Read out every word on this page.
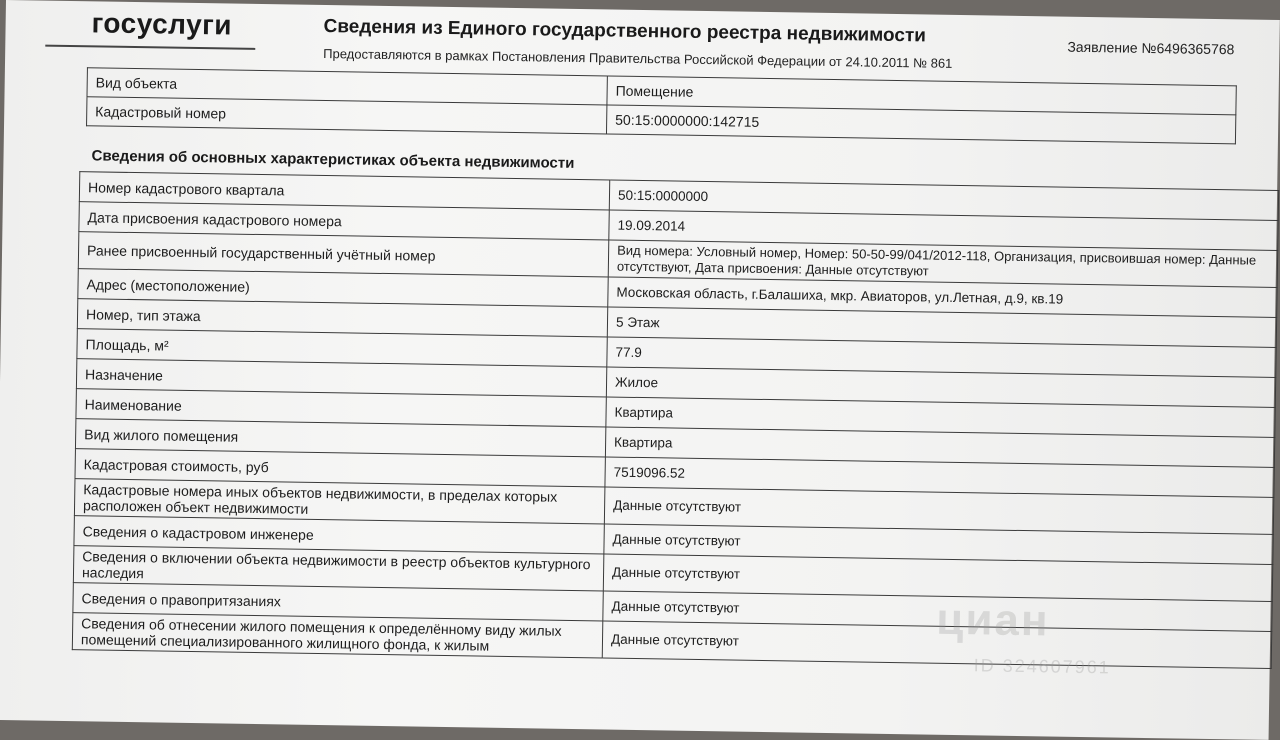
госуслуги	Сведения из Единого государственного реестра недвижимости
Предоставляются в рамках Постановления Правительства Российской Федерации от 24.10.2011 № 861	Заявление №6496365768
Вид объекта	Помещение
Кадастровый номер	50:15:0000000:142715
Сведения об основных характеристиках объекта недвижимости
Номер кадастрового квартала	50:15:0000000
Дата присвоения кадастрового номера	19.09.2014
Ранее присвоенный государственный учётный номер	Вид номера: Условный номер, Номер: 50-50-99/041/2012-118, Организация, присвоившая номер: Данные отсутствуют, Дата присвоения: Данные отсутствуют
Адрес (местоположение)	Московская область, г.Балашиха, мкр. Авиаторов, ул.Летная, д.9, кв.19
Номер, тип этажа	5 Этаж
Площадь, м²	77.9
Назначение	Жилое
Наименование	Квартира
Вид жилого помещения	Квартира
Кадастровая стоимость, руб	7519096.52
Кадастровые номера иных объектов недвижимости, в пределах которых расположен объект недвижимости	Данные отсутствуют
Сведения о кадастровом инженере	Данные отсутствуют
Сведения о включении объекта недвижимости в реестр объектов культурного наследия	Данные отсутствуют
Сведения о правопритязаниях	Данные отсутствуют
Сведения об отнесении жилого помещения к определённому виду жилых помещений специализированного жилищного фонда, к жилым	Данные отсутствуют	циан
ID 324607961
